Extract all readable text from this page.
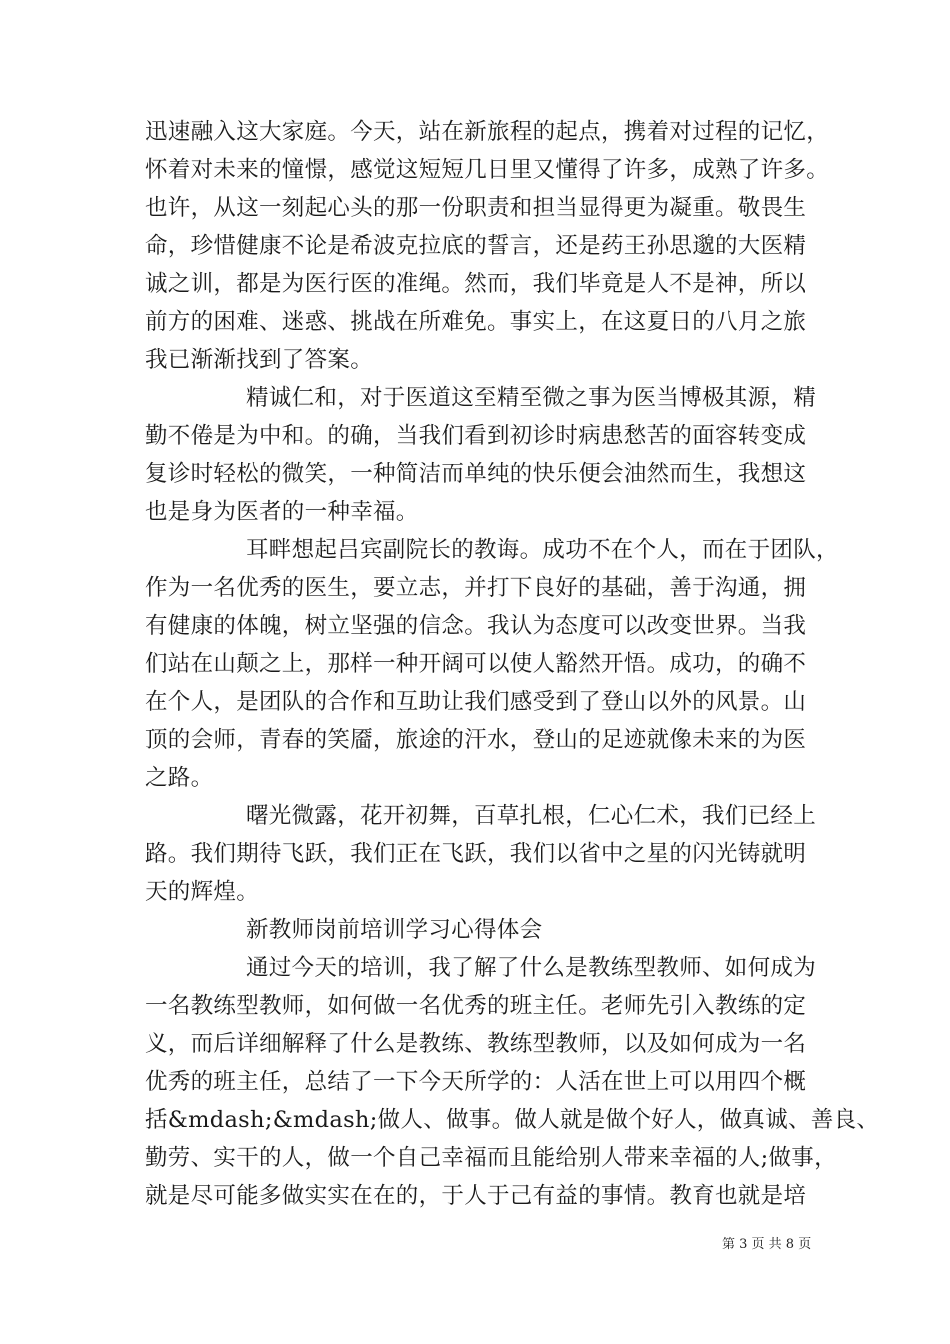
迅速融入这大家庭。今天，站在新旅程的起点，携着对过程的记忆，
怀着对未来的憧憬，感觉这短短几日里又懂得了许多，成熟了许多。
也许，从这一刻起心头的那一份职责和担当显得更为凝重。敬畏生
命，珍惜健康不论是希波克拉底的誓言，还是药王孙思邈的大医精
诚之训，都是为医行医的准绳。然而，我们毕竟是人不是神，所以
前方的困难、迷惑、挑战在所难免。事实上，在这夏日的八月之旅
我已渐渐找到了答案。
精诚仁和，对于医道这至精至微之事为医当博极其源，精
勤不倦是为中和。的确，当我们看到初诊时病患愁苦的面容转变成
复诊时轻松的微笑，一种简洁而单纯的快乐便会油然而生，我想这
也是身为医者的一种幸福。
耳畔想起吕宾副院长的教诲。成功不在个人，而在于团队，
作为一名优秀的医生，要立志，并打下良好的基础，善于沟通，拥
有健康的体魄，树立坚强的信念。我认为态度可以改变世界。当我
们站在山颠之上，那样一种开阔可以使人豁然开悟。成功，的确不
在个人，是团队的合作和互助让我们感受到了登山以外的风景。山
顶的会师，青春的笑靥，旅途的汗水，登山的足迹就像未来的为医
之路。
曙光微露，花开初舞，百草扎根，仁心仁术，我们已经上
路。我们期待飞跃，我们正在飞跃，我们以省中之星的闪光铸就明
天的辉煌。
新教师岗前培训学习心得体会
通过今天的培训，我了解了什么是教练型教师、如何成为
一名教练型教师，如何做一名优秀的班主任。老师先引入教练的定
义，而后详细解释了什么是教练、教练型教师，以及如何成为一名
优秀的班主任，总结了一下今天所学的：人活在世上可以用四个概
括&mdash;&mdash;做人、做事。做人就是做个好人，做真诚、善良、
勤劳、实干的人，做一个自己幸福而且能给别人带来幸福的人;做事，
就是尽可能多做实实在在的，于人于己有益的事情。教育也就是培
第 3 页 共 8 页
